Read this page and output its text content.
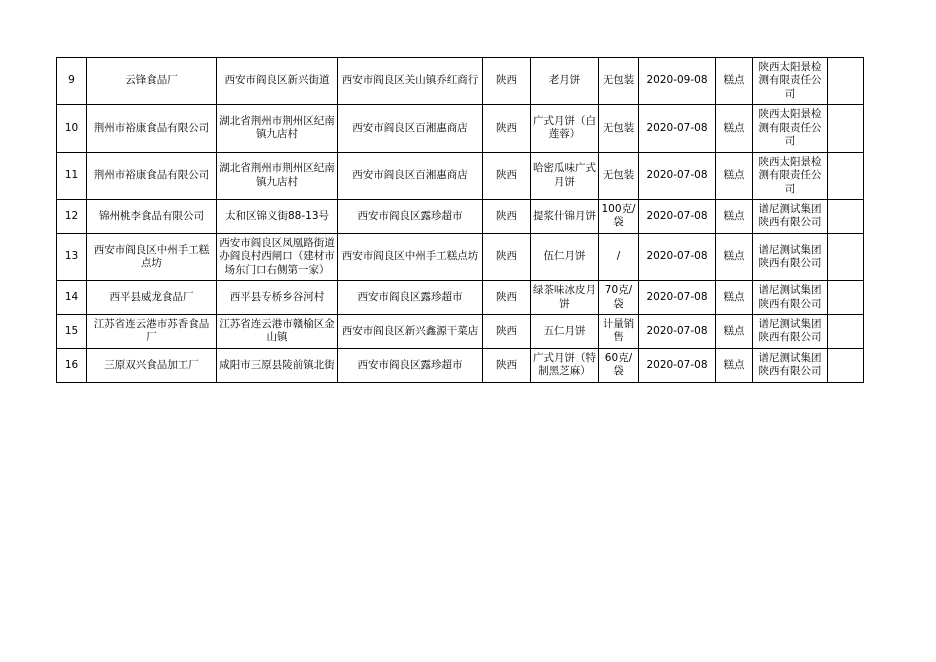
9	云锋食品厂	西安市阎良区新兴街道	西安市阎良区关山镇乔红商行	陕西	老月饼	无包装	2020-09-08	糕点	陕西太阳景检测有限责任公司	
10	荆州市裕康食品有限公司	湖北省荆州市荆州区纪南镇九店村	西安市阎良区百湘惠商店	陕西	广式月饼（白莲蓉）	无包装	2020-07-08	糕点	陕西太阳景检测有限责任公司	
11	荆州市裕康食品有限公司	湖北省荆州市荆州区纪南镇九店村	西安市阎良区百湘惠商店	陕西	哈密瓜味广式月饼	无包装	2020-07-08	糕点	陕西太阳景检测有限责任公司	
12	锦州桃李食品有限公司	太和区锦义街88-13号	西安市阎良区露珍超市	陕西	提浆什锦月饼	100克/袋	2020-07-08	糕点	谱尼测试集团陕西有限公司	
13	西安市阎良区中州手工糕点坊	西安市阎良区凤凰路街道办阎良村西闸口（建材市场东门口右侧第一家）	西安市阎良区中州手工糕点坊	陕西	伍仁月饼	/	2020-07-08	糕点	谱尼测试集团陕西有限公司	
14	西平县威龙食品厂	西平县专桥乡谷河村	西安市阎良区露珍超市	陕西	绿茶味冰皮月饼	70克/袋	2020-07-08	糕点	谱尼测试集团陕西有限公司	
15	江苏省连云港市苏香食品厂	江苏省连云港市赣榆区金山镇	西安市阎良区新兴鑫源干菜店	陕西	五仁月饼	计量销售	2020-07-08	糕点	谱尼测试集团陕西有限公司	
16	三原双兴食品加工厂	咸阳市三原县陵前镇北街	西安市阎良区露珍超市	陕西	广式月饼（特制黑芝麻）	60克/袋	2020-07-08	糕点	谱尼测试集团陕西有限公司	
